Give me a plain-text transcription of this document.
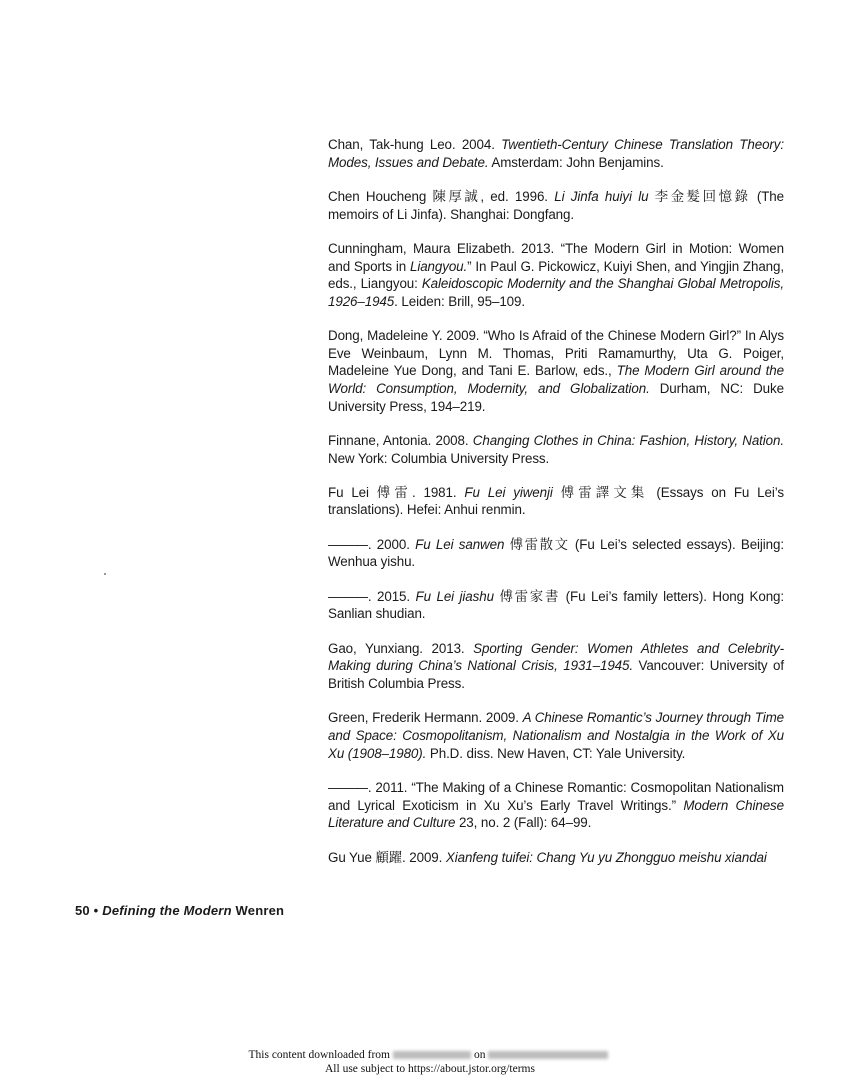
Chan, Tak-hung Leo. 2004. Twentieth-Century Chinese Translation Theory: Modes, Issues and Debate. Amsterdam: John Benjamins.

Chen Houcheng 陳厚誠, ed. 1996. Li Jinfa huiyi lu 李金髮回憶錄 (The memoirs of Li Jinfa). Shanghai: Dongfang.

Cunningham, Maura Elizabeth. 2013. “The Modern Girl in Motion: Women and Sports in Liangyou.” In Paul G. Pickowicz, Kuiyi Shen, and Yingjin Zhang, eds., Liangyou: Kaleidoscopic Modernity and the Shanghai Global Metropolis, 1926–1945. Leiden: Brill, 95–109.

Dong, Madeleine Y. 2009. “Who Is Afraid of the Chinese Modern Girl?” In Alys Eve Weinbaum, Lynn M. Thomas, Priti Ramamurthy, Uta G. Poiger, Madeleine Yue Dong, and Tani E. Barlow, eds., The Modern Girl around the World: Consumption, Modernity, and Globalization. Durham, NC: Duke University Press, 194–219.

Finnane, Antonia. 2008. Changing Clothes in China: Fashion, History, Nation. New York: Columbia University Press.

Fu Lei 傅雷. 1981. Fu Lei yiwenji 傅雷譯文集 (Essays on Fu Lei’s translations). Hefei: Anhui renmin.

———. 2000. Fu Lei sanwen 傅雷散文 (Fu Lei’s selected essays). Beijing: Wenhua yishu.

———. 2015. Fu Lei jiashu 傅雷家書 (Fu Lei’s family letters). Hong Kong: Sanlian shudian.

Gao, Yunxiang. 2013. Sporting Gender: Women Athletes and Celebrity-Making during China’s National Crisis, 1931–1945. Vancouver: University of British Columbia Press.

Green, Frederik Hermann. 2009. A Chinese Romantic’s Journey through Time and Space: Cosmopolitanism, Nationalism and Nostalgia in the Work of Xu Xu (1908–1980). Ph.D. diss. New Haven, CT: Yale University.

———. 2011. “The Making of a Chinese Romantic: Cosmopolitan Nationalism and Lyrical Exoticism in Xu Xu’s Early Travel Writings.” Modern Chinese Literature and Culture 23, no. 2 (Fall): 64–99.

Gu Yue 顧躍. 2009. Xianfeng tuifei: Chang Yu yu Zhongguo meishu xiandai

50 • Defining the Modern Wenren
This content downloaded from	on
All use subject to https://about.jstor.org/terms
